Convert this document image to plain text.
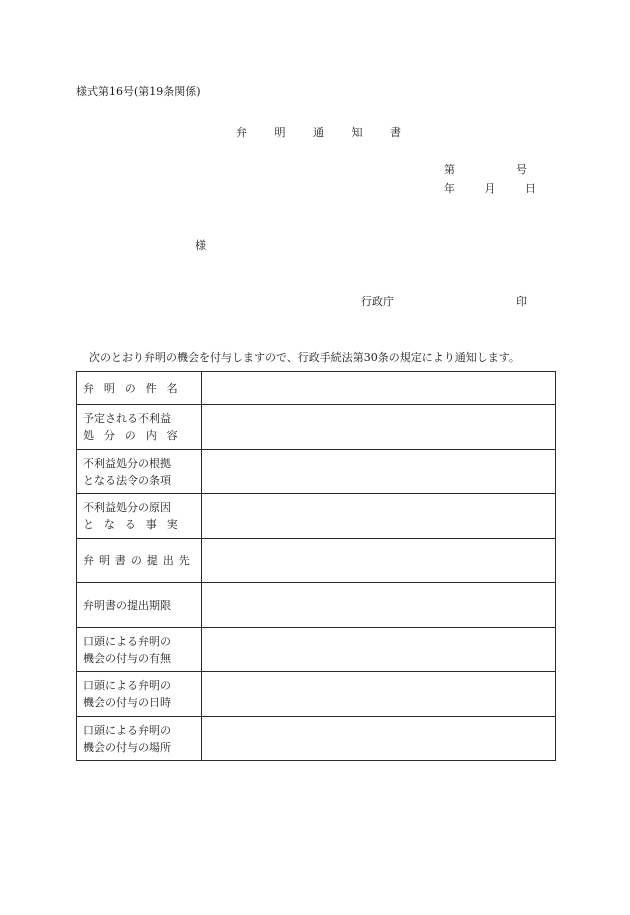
様式第16号(第19条関係)
弁	明	通	知	書
第	号
年	月	日
様
行政庁	印
次のとおり弁明の機会を付与しますので、行政手続法第30条の規定により通知します。
弁明の件名	

予定される不利益
処分の内容	

不利益処分の根拠
となる法令の条項	

不利益処分の原因
となる事実	

弁明書の提出先	

弁明書の提出期限	

口頭による弁明の
機会の付与の有無	

口頭による弁明の
機会の付与の日時	

口頭による弁明の
機会の付与の場所	
